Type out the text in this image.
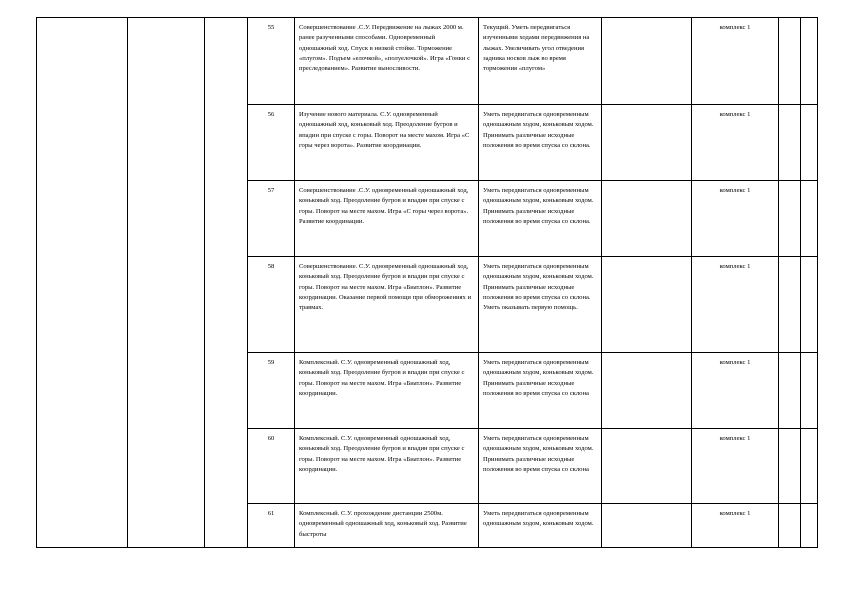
			55	Совершенствование .С.У. Передвижение на лыжах 2000 м. ранее разученными способами. Одновременный одношажный ход. Спуск в низкой стойке. Торможение «плугом». Подъем «елочкой», «полуелочкой». Игра «Гонки с преследованием». Развитие выносливости.	Текущий. Уметь передвигаться изученными ходами передвижения на лыжах. Увеличивать угол отведения задника носков лыж во время торможения «плугом»		комплекс 1		
			56	Изучение нового материала. С.У. одновременный одношажный ход, коньковый ход. Преодоление бугров и впадин при спуске с горы. Поворот на месте махом. Игра «С горы через ворота». Развитие координации.	Уметь передвигаться одновременным одношажным ходом, коньковым ходом. Принимать различные исходные положения во время спуска со склона.		комплекс 1		
			57	Совершенствование .С.У. одновременный одношажный ход, коньковый ход. Преодоление бугров и впадин при спуске с горы. Поворот на месте махом. Игра «С горы через ворота». Развитие координации.	Уметь передвигаться одновременным одношажным ходом, коньковым ходом. Принимать различные исходные положения во время спуска со склона.		комплекс 1		
			58	Совершенствование. С.У. одновременный одношажный ход, коньковый ход. Преодоление бугров и впадин при спуске с горы. Поворот на месте махом. Игра «Биатлон». Развитие координации. Оказание первой помощи при обморожениях и травмах.	Уметь передвигаться одновременным одношажным ходом, коньковым ходом. Принимать различные исходные положения во время спуска со склона. Уметь оказывать первую помощь.		комплекс 1		
			59	Комплексный. С.У. одновременный одношажный ход, коньковый ход. Преодоление бугров и впадин при спуске с горы. Поворот на месте махом. Игра «Биатлон». Развитие координации.	Уметь передвигаться одновременным одношажным ходом, коньковым ходом. Принимать различные исходные положения во время спуска со склона		комплекс 1		
			60	Комплексный. С.У. одновременный одношажный ход, коньковый ход. Преодоление бугров и впадин при спуске с горы. Поворот на месте махом. Игра «Биатлон». Развитие координации.	Уметь передвигаться одновременным одношажным ходом, коньковым ходом. Принимать различные исходные положения во время спуска со склона		комплекс 1		
			61	Комплексный. С.У. прохождение дистанции 2500м. одновременный одношажный ход, коньковый ход. Развитие быстроты	Уметь передвигаться одновременным одношажным ходом, коньковым ходом.		комплекс 1		
